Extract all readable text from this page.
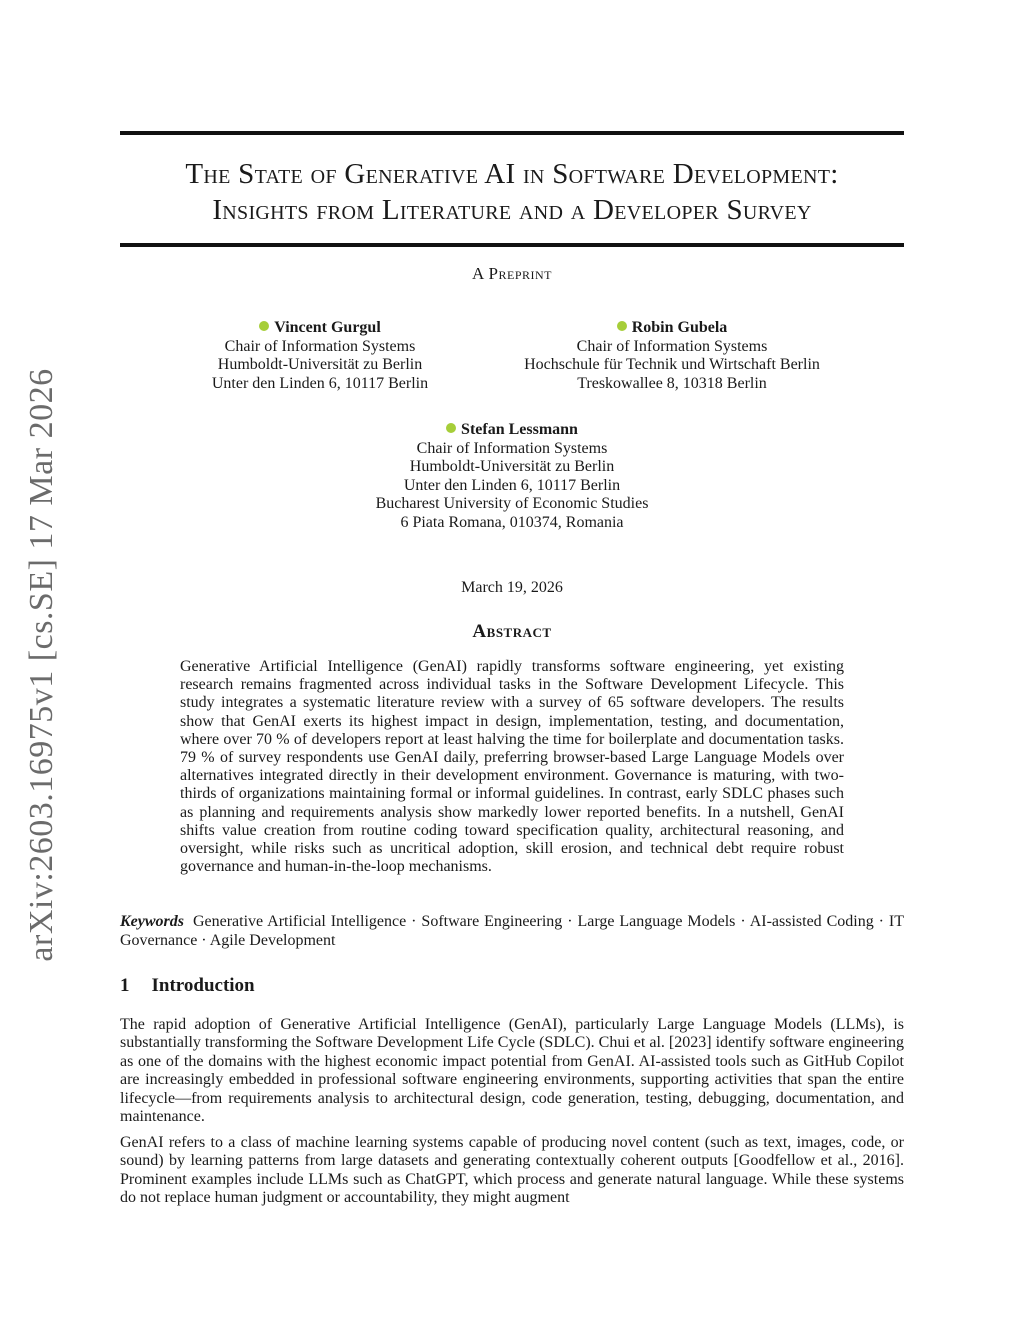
arXiv:2603.16975v1 [cs.SE] 17 Mar 2026
The State of Generative AI in Software Development:
Insights from Literature and a Developer Survey
A Preprint
Vincent Gurgul
Chair of Information Systems
Humboldt-Universität zu Berlin
Unter den Linden 6, 10117 Berlin
Robin Gubela
Chair of Information Systems
Hochschule für Technik und Wirtschaft Berlin
Treskowallee 8, 10318 Berlin
Stefan Lessmann
Chair of Information Systems
Humboldt-Universität zu Berlin
Unter den Linden 6, 10117 Berlin
Bucharest University of Economic Studies
6 Piata Romana, 010374, Romania
March 19, 2026
Abstract
Generative Artificial Intelligence (GenAI) rapidly transforms software engineering, yet existing research remains fragmented across individual tasks in the Software Development Lifecycle. This study integrates a systematic literature review with a survey of 65 software developers. The results show that GenAI exerts its highest impact in design, implementation, testing, and documentation, where over 70 % of developers report at least halving the time for boilerplate and documentation tasks. 79 % of survey respondents use GenAI daily, preferring browser-based Large Language Models over alternatives integrated directly in their development environment. Governance is maturing, with two-thirds of organizations maintaining formal or informal guidelines. In contrast, early SDLC phases such as planning and requirements analysis show markedly lower reported benefits. In a nutshell, GenAI shifts value creation from routine coding toward specification quality, architectural reasoning, and oversight, while risks such as uncritical adoption, skill erosion, and technical debt require robust governance and human-in-the-loop mechanisms.
Keywords Generative Artificial Intelligence · Software Engineering · Large Language Models · AI-assisted Coding · IT Governance · Agile Development
1 Introduction

The rapid adoption of Generative Artificial Intelligence (GenAI), particularly Large Language Models (LLMs), is substantially transforming the Software Development Life Cycle (SDLC). Chui et al. [2023] identify software engineering as one of the domains with the highest economic impact potential from GenAI. AI-assisted tools such as GitHub Copilot are increasingly embedded in professional software engineering environments, supporting activities that span the entire lifecycle—from requirements analysis to architectural design, code generation, testing, debugging, documentation, and maintenance.

GenAI refers to a class of machine learning systems capable of producing novel content (such as text, images, code, or sound) by learning patterns from large datasets and generating contextually coherent outputs [Goodfellow et al., 2016]. Prominent examples include LLMs such as ChatGPT, which process and generate natural language. While these systems do not replace human judgment or accountability, they might augment
